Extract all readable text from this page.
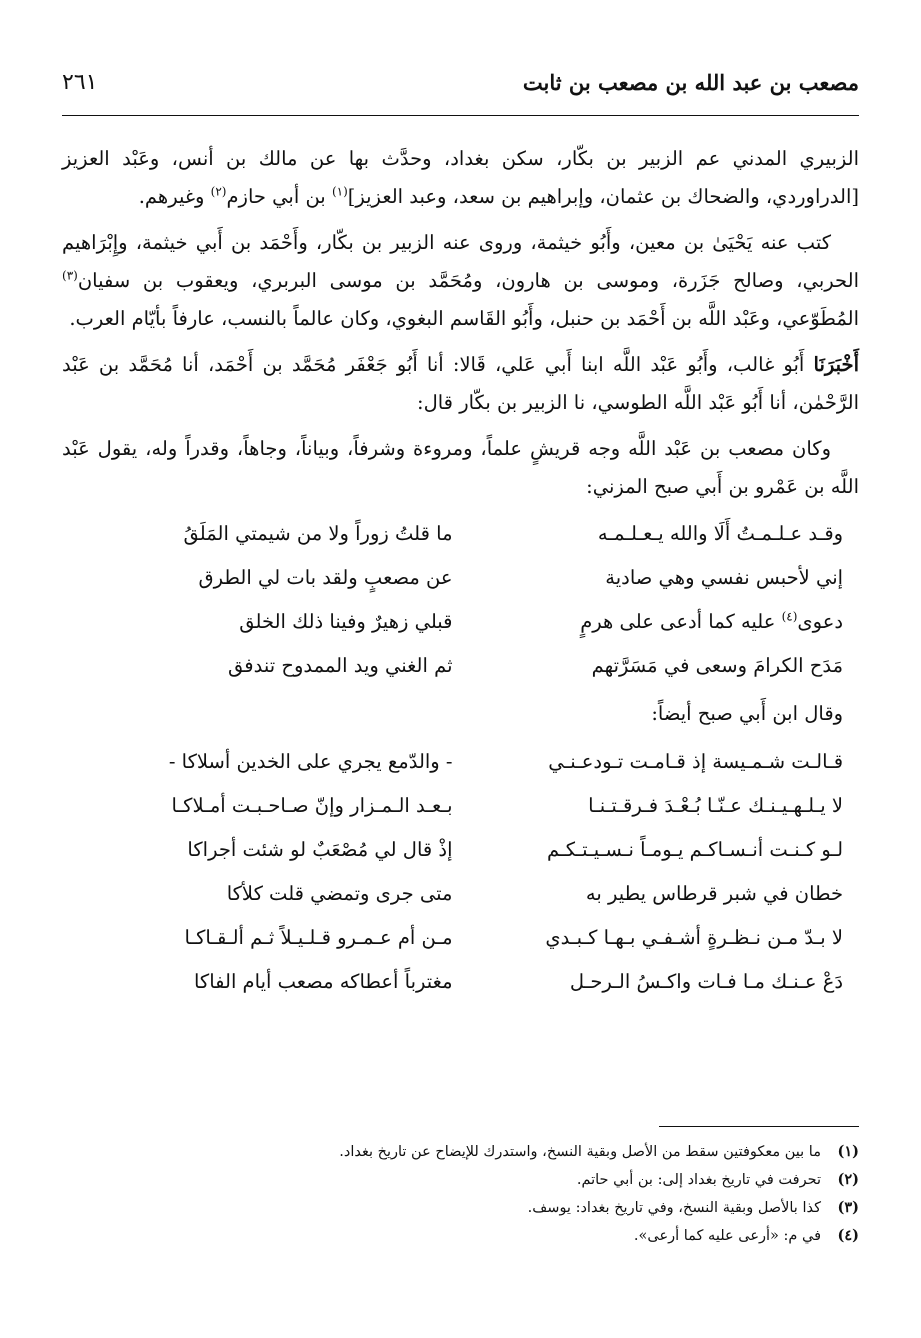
مصعب بن عبد الله بن مصعب بن ثابت
٢٦١

الزبيري المدني عم الزبير بن بكّار، سكن بغداد، وحدَّث بها عن مالك بن أنس، وعَبْد العزيز [الدراوردي، والضحاك بن عثمان، وإبراهيم بن سعد، وعبد العزيز]$^{(١)}$ بن أبي حازم$^{(٢)}$ وغيرهم.

كتب عنه يَحْيَىٰ بن معين، وأَبُو خيثمة، وروى عنه الزبير بن بكّار، وأَحْمَد بن أَبي خيثمة، وإِبْرَاهيم الحربي، وصالح جَزَرة، وموسى بن هارون، ومُحَمَّد بن موسى البربري، ويعقوب بن سفيان$^{(٣)}$ المُطَوّعي، وعَبْد اللَّه بن أَحْمَد بن حنبل، وأَبُو القَاسم البغوي، وكان عالماً بالنسب، عارفاً بأيّام العرب.

أَخْبَرَنَا أَبُو غالب، وأَبُو عَبْد اللَّه ابنا أَبي عَلي، قَالا: أنا أَبُو جَعْفَر مُحَمَّد بن أَحْمَد، أنا مُحَمَّد بن عَبْد الرَّحْمٰن، أنا أَبُو عَبْد اللَّه الطوسي، نا الزبير بن بكّار قال:

وكان مصعب بن عَبْد اللَّه وجه قريشٍ علماً، ومروءة وشرفاً، وبياناً، وجاهاً، وقدراً وله، يقول عَبْد اللَّه بن عَمْرو بن أَبي صبح المزني:

وقـد عـلـمـتُ أَلَا والله يـعـلـمـه
ما قلتُ زوراً ولا من شيمتي المَلَقُ
إني لأحبس نفسي وهي صادية
عن مصعبٍ ولقد بات لي الطرق
دعوى$^{(٤)}$ عليه كما أدعى على هرمٍ
قبلي زهيرٌ وفينا ذلك الخلق
مَدَح الكرامَ وسعى في مَسَرَّتهم
ثم الغني ويد الممدوح تندفق
وقال ابن أَبي صبح أيضاً:
قـالـت شـمـيسة إذ قـامـت تـودعـنـي
- والدّمع يجري على الخدين أسلاكا -
لا يـلـهـيـنـك عـنّـا بُـعْـدَ فـرقـتـنـا
بـعـد الـمـزار وإنّ صـاحـبـت أمـلاكـا
لـو كـنـت أنـسـاكـم يـومـاً نـسـيـتـكـم
إذْ قال لي مُصْعَبٌ لو شئت أجراكا
خطان في شبر قرطاس يطير به
متى جرى وتمضي قلت كلأكا
لا بـدّ مـن نـظـرةٍ أشـفـي بـهـا كـبـدي
مـن أم عـمـرو قـلـيـلاً ثـم ألـقـاكـا
دَعْ عـنـك مـا فـات واكـسُ الـرحـل
مغترباً أعطاكه مصعب أيام الفاكا
(١)ما بين معكوفتين سقط من الأصل وبقية النسخ، واستدرك للإيضاح عن تاريخ بغداد.
(٢)تحرفت في تاريخ بغداد إلى: بن أبي حاتم.
(٣)كذا بالأصل وبقية النسخ، وفي تاريخ بغداد: يوسف.
(٤)في م: «أرعى عليه كما أرعى».
